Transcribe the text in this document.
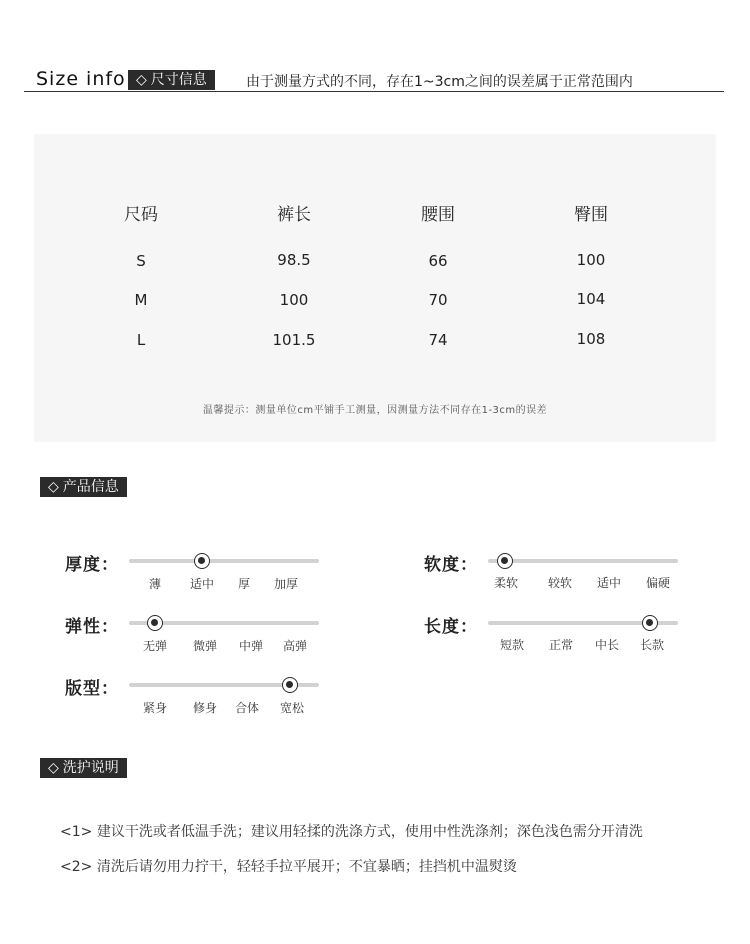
Size info ◇ 尺寸信息	由于测量方式的不同，存在1~3cm之间的误差属于正常范围内
尺码	裤长	腰围	臀围
S	98.5	66	100
M	100	70	104
L	101.5	74	108
温馨提示：测量单位cm平铺手工测量，因测量方法不同存在1-3cm的误差
◇ 产品信息
厚度：
薄 适中 厚 加厚
软度：
柔软 较软 适中 偏硬
弹性：
无弹 微弹 中弹 高弹
长度：
短款 正常 中长 长款
版型：
紧身 修身 合体 宽松
◇ 洗护说明
<1> 建议干洗或者低温手洗；建议用轻揉的洗涤方式，使用中性洗涤剂；深色浅色需分开清洗
<2> 清洗后请勿用力拧干，轻轻手拉平展开；不宜暴晒；挂挡机中温熨烫
